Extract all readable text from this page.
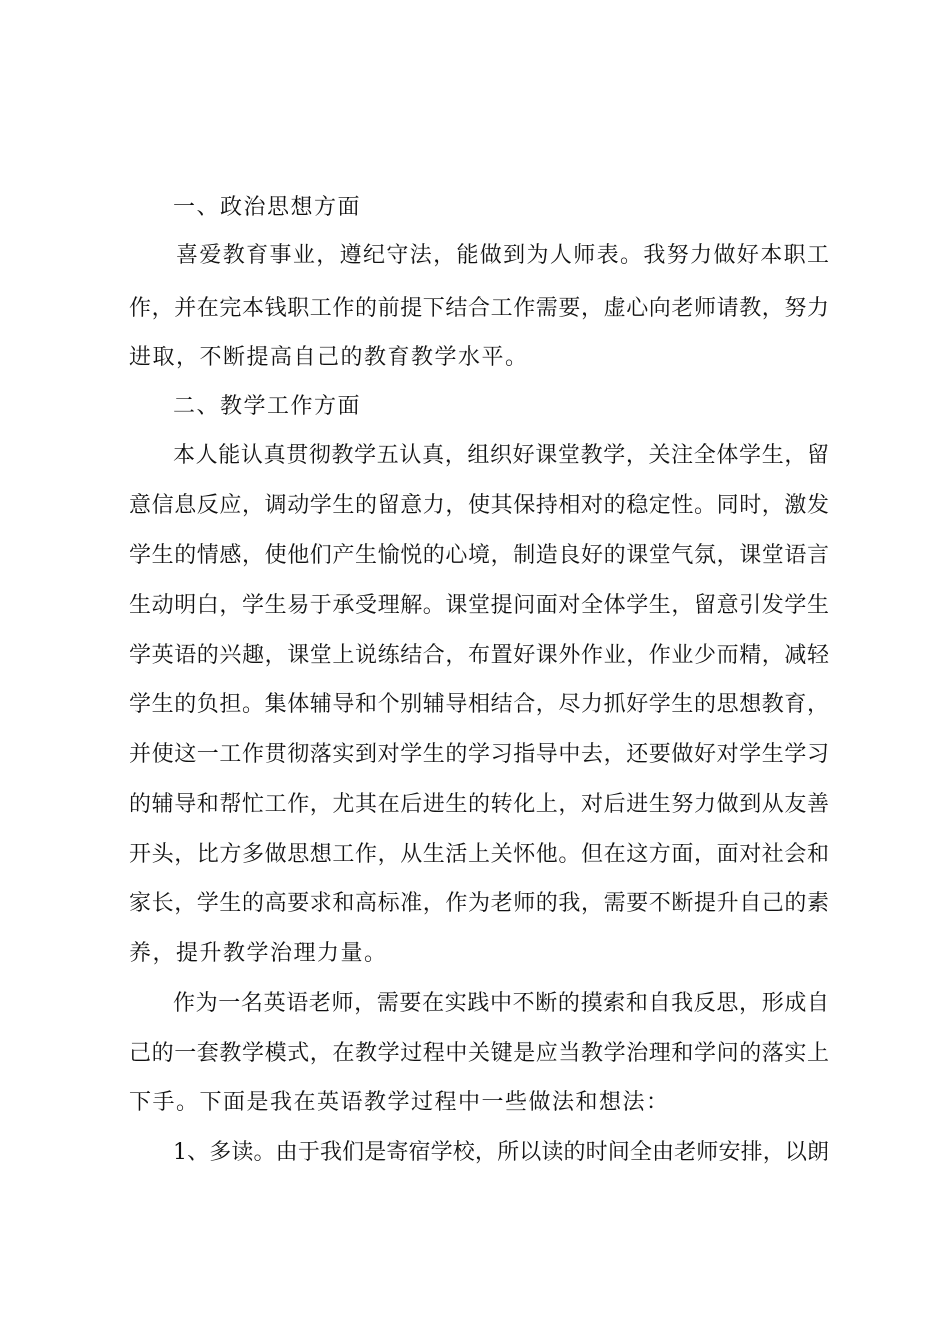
一、政治思想方面
喜爱教育事业，遵纪守法，能做到为人师表。我努力做好本职工
作，并在完本钱职工作的前提下结合工作需要，虚心向老师请教，努力
进取，不断提高自己的教育教学水平。
二、教学工作方面
本人能认真贯彻教学五认真，组织好课堂教学，关注全体学生，留
意信息反应，调动学生的留意力，使其保持相对的稳定性。同时，激发
学生的情感，使他们产生愉悦的心境，制造良好的课堂气氛，课堂语言
生动明白，学生易于承受理解。课堂提问面对全体学生，留意引发学生
学英语的兴趣，课堂上说练结合，布置好课外作业，作业少而精，减轻
学生的负担。集体辅导和个别辅导相结合，尽力抓好学生的思想教育，
并使这一工作贯彻落实到对学生的学习指导中去，还要做好对学生学习
的辅导和帮忙工作，尤其在后进生的转化上，对后进生努力做到从友善
开头，比方多做思想工作，从生活上关怀他。但在这方面，面对社会和
家长，学生的高要求和高标准，作为老师的我，需要不断提升自己的素
养，提升教学治理力量。
作为一名英语老师，需要在实践中不断的摸索和自我反思，形成自
己的一套教学模式，在教学过程中关键是应当教学治理和学问的落实上
下手。下面是我在英语教学过程中一些做法和想法：
1、多读。由于我们是寄宿学校，所以读的时间全由老师安排，以朗
